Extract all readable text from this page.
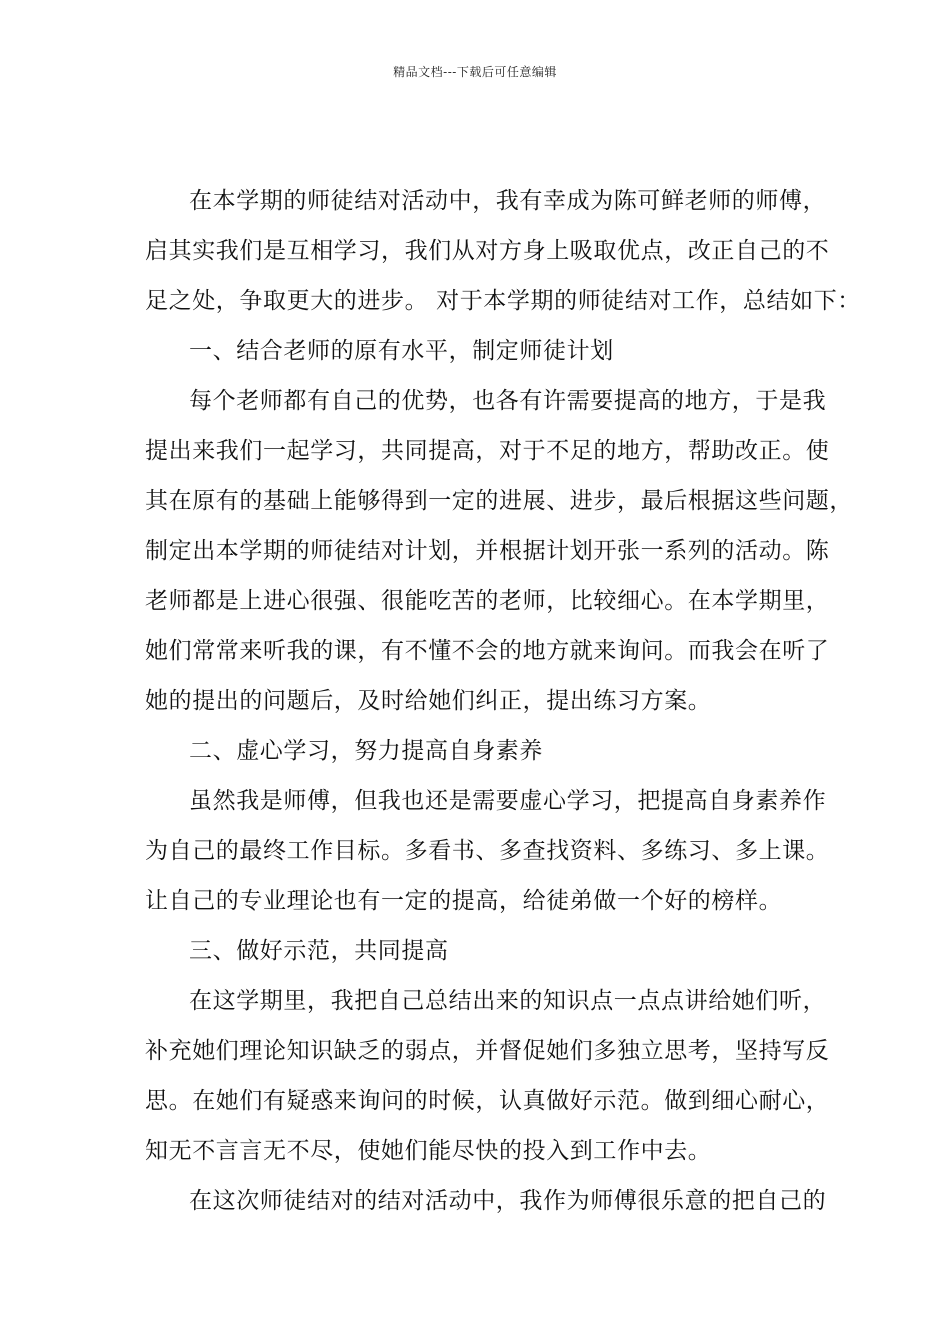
精品文档---下载后可任意编辑
在本学期的师徒结对活动中，我有幸成为陈可鲜老师的师傅，
启其实我们是互相学习，我们从对方身上吸取优点，改正自己的不
足之处，争取更大的进步。 对于本学期的师徒结对工作，总结如下：
一、结合老师的原有水平，制定师徒计划
每个老师都有自己的优势，也各有许需要提高的地方，于是我
提出来我们一起学习，共同提高，对于不足的地方，帮助改正。使
其在原有的基础上能够得到一定的进展、进步，最后根据这些问题，
制定出本学期的师徒结对计划，并根据计划开张一系列的活动。陈
老师都是上进心很强、很能吃苦的老师，比较细心。在本学期里，
她们常常来听我的课，有不懂不会的地方就来询问。而我会在听了
她的提出的问题后，及时给她们纠正，提出练习方案。
二、虚心学习，努力提高自身素养
虽然我是师傅，但我也还是需要虚心学习，把提高自身素养作
为自己的最终工作目标。多看书、多查找资料、多练习、多上课。
让自己的专业理论也有一定的提高，给徒弟做一个好的榜样。
三、做好示范，共同提高
在这学期里，我把自己总结出来的知识点一点点讲给她们听，
补充她们理论知识缺乏的弱点，并督促她们多独立思考，坚持写反
思。在她们有疑惑来询问的时候，认真做好示范。做到细心耐心，
知无不言言无不尽，使她们能尽快的投入到工作中去。
在这次师徒结对的结对活动中，我作为师傅很乐意的把自己的
